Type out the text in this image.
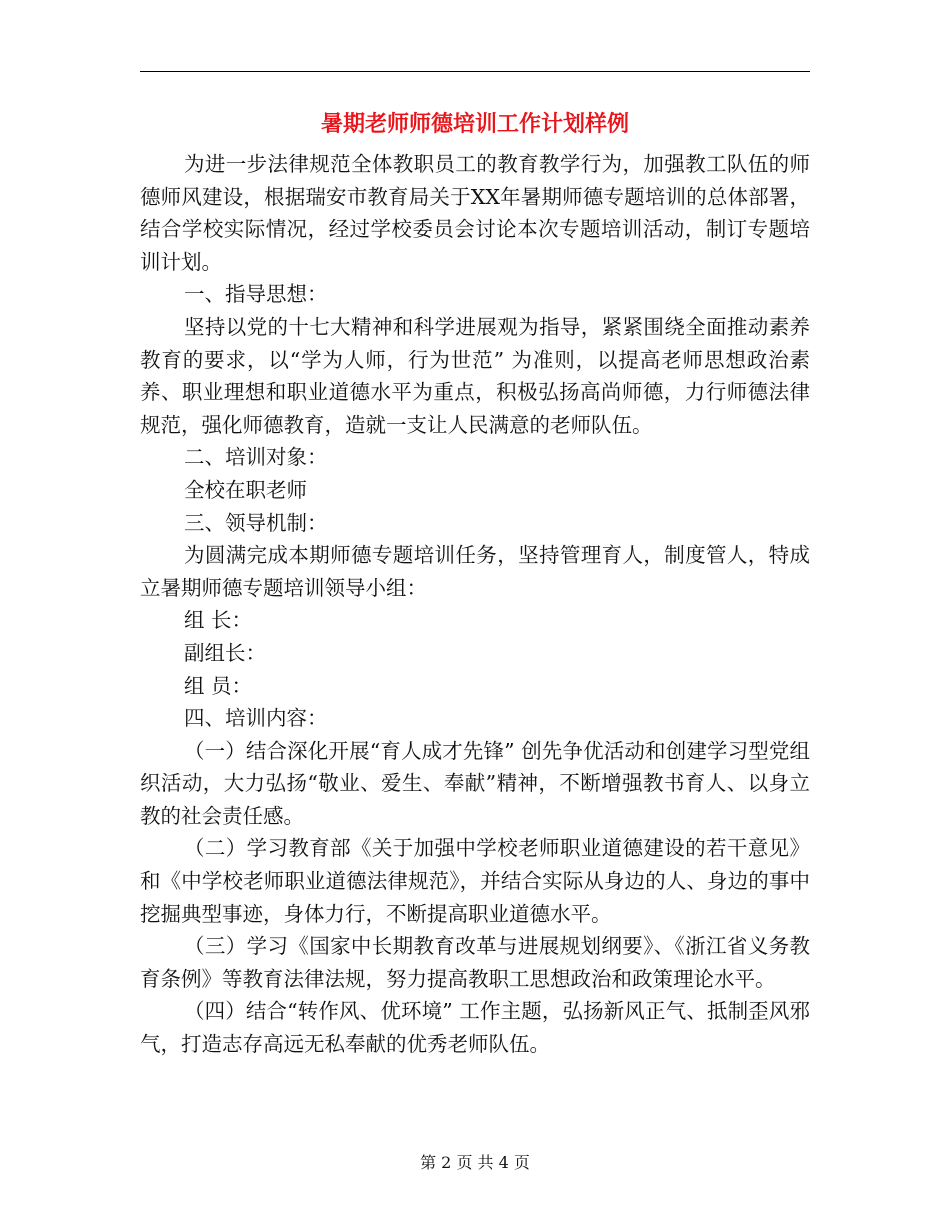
暑期老师师德培训工作计划样例

为进一步法律规范全体教职员工的教育教学行为，加强教工队伍的师德师风建设，根据瑞安市教育局关于XX年暑期师德专题培训的总体部署，结合学校实际情况，经过学校委员会讨论本次专题培训活动，制订专题培训计划。

一、指导思想：

坚持以党的十七大精神和科学进展观为指导，紧紧围绕全面推动素养教育的要求，以“学为人师，行为世范” 为准则，以提高老师思想政治素养、职业理想和职业道德水平为重点，积极弘扬高尚师德，力行师德法律规范，强化师德教育，造就一支让人民满意的老师队伍。

二、培训对象：

全校在职老师

三、领导机制：

为圆满完成本期师德专题培训任务，坚持管理育人，制度管人，特成立暑期师德专题培训领导小组：

组 长：

副组长：

组 员：

四、培训内容：

（一）结合深化开展“育人成才先锋” 创先争优活动和创建学习型党组织活动，大力弘扬“敬业、爱生、奉献”精神，不断增强教书育人、以身立教的社会责任感。

（二）学习教育部《关于加强中学校老师职业道德建设的若干意见》和《中学校老师职业道德法律规范》，并结合实际从身边的人、身边的事中挖掘典型事迹，身体力行，不断提高职业道德水平。

（三）学习《国家中长期教育改革与进展规划纲要》、《浙江省义务教育条例》等教育法律法规，努力提高教职工思想政治和政策理论水平。

（四）结合“转作风、优环境” 工作主题，弘扬新风正气、抵制歪风邪气，打造志存高远无私奉献的优秀老师队伍。

第 2 页 共 4 页
